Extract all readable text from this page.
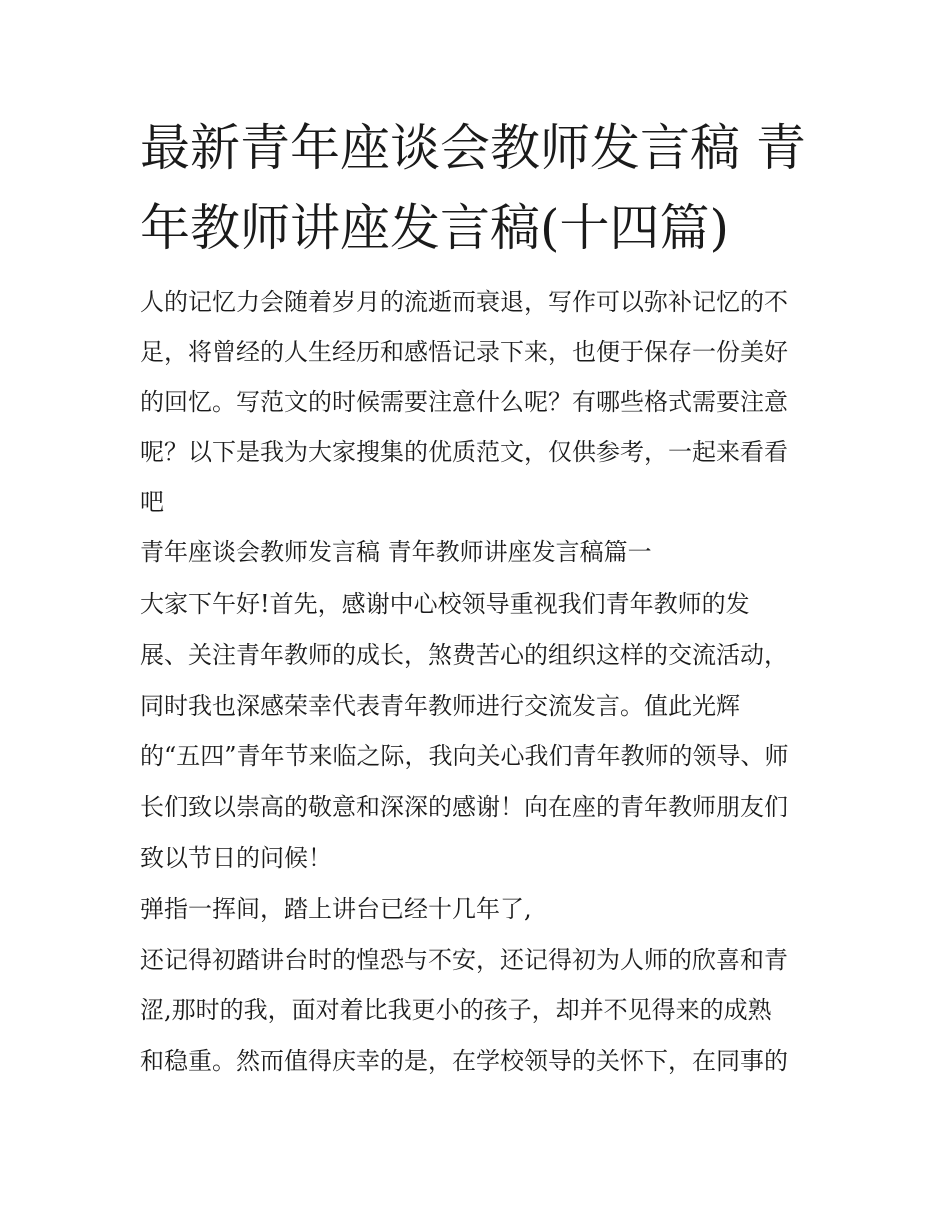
最新青年座谈会教师发言稿 青
年教师讲座发言稿(十四篇)

人的记忆力会随着岁月的流逝而衰退，写作可以弥补记忆的不

足，将曾经的人生经历和感悟记录下来，也便于保存一份美好

的回忆。写范文的时候需要注意什么呢？有哪些格式需要注意

呢？以下是我为大家搜集的优质范文，仅供参考，一起来看看

吧

青年座谈会教师发言稿 青年教师讲座发言稿篇一

大家下午好!首先，感谢中心校领导重视我们青年教师的发

展、关注青年教师的成长，煞费苦心的组织这样的交流活动，

同时我也深感荣幸代表青年教师进行交流发言。值此光辉

的“五四”青年节来临之际，我向关心我们青年教师的领导、师

长们致以崇高的敬意和深深的感谢！向在座的青年教师朋友们

致以节日的问候！

弹指一挥间，踏上讲台已经十几年了,

还记得初踏讲台时的惶恐与不安，还记得初为人师的欣喜和青

涩,那时的我，面对着比我更小的孩子，却并不见得来的成熟

和稳重。然而值得庆幸的是，在学校领导的关怀下，在同事的
